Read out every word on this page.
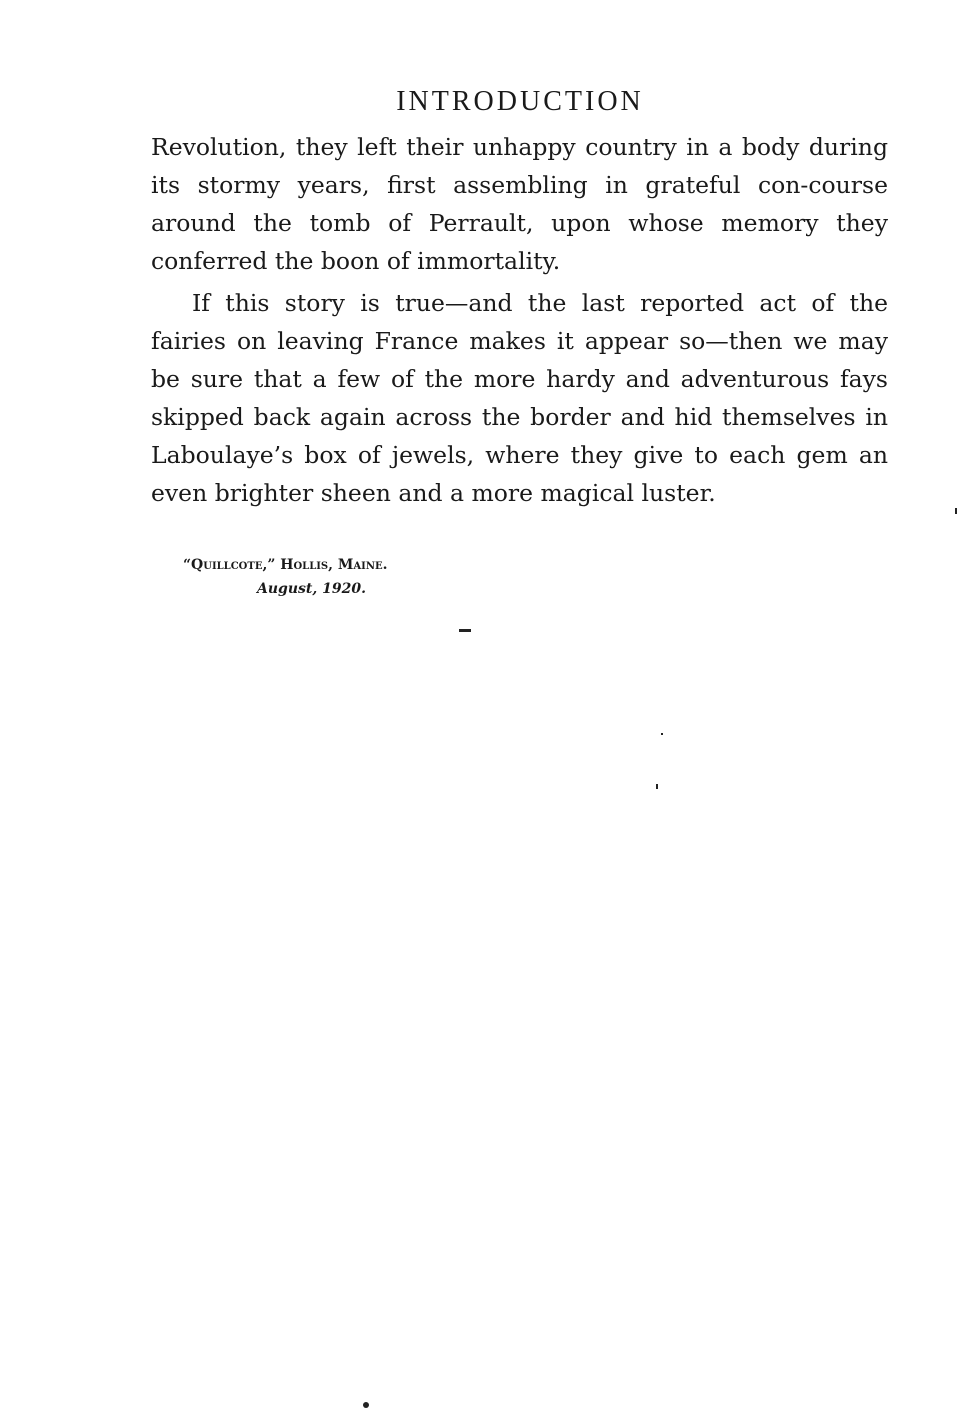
INTRODUCTION

Revolution, they left their unhappy country in a body during its stormy years, first assembling in grateful con-course around the tomb of Perrault, upon whose memory they conferred the boon of immortality.

If this story is true—and the last reported act of the fairies on leaving France makes it appear so—then we may be sure that a few of the more hardy and adventurous fays skipped back again across the border and hid themselves in Laboulaye’s box of jewels, where they give to each gem an even brighter sheen and a more magical luster.

“Quillcote,” Hollis, Maine.
August, 1920.
